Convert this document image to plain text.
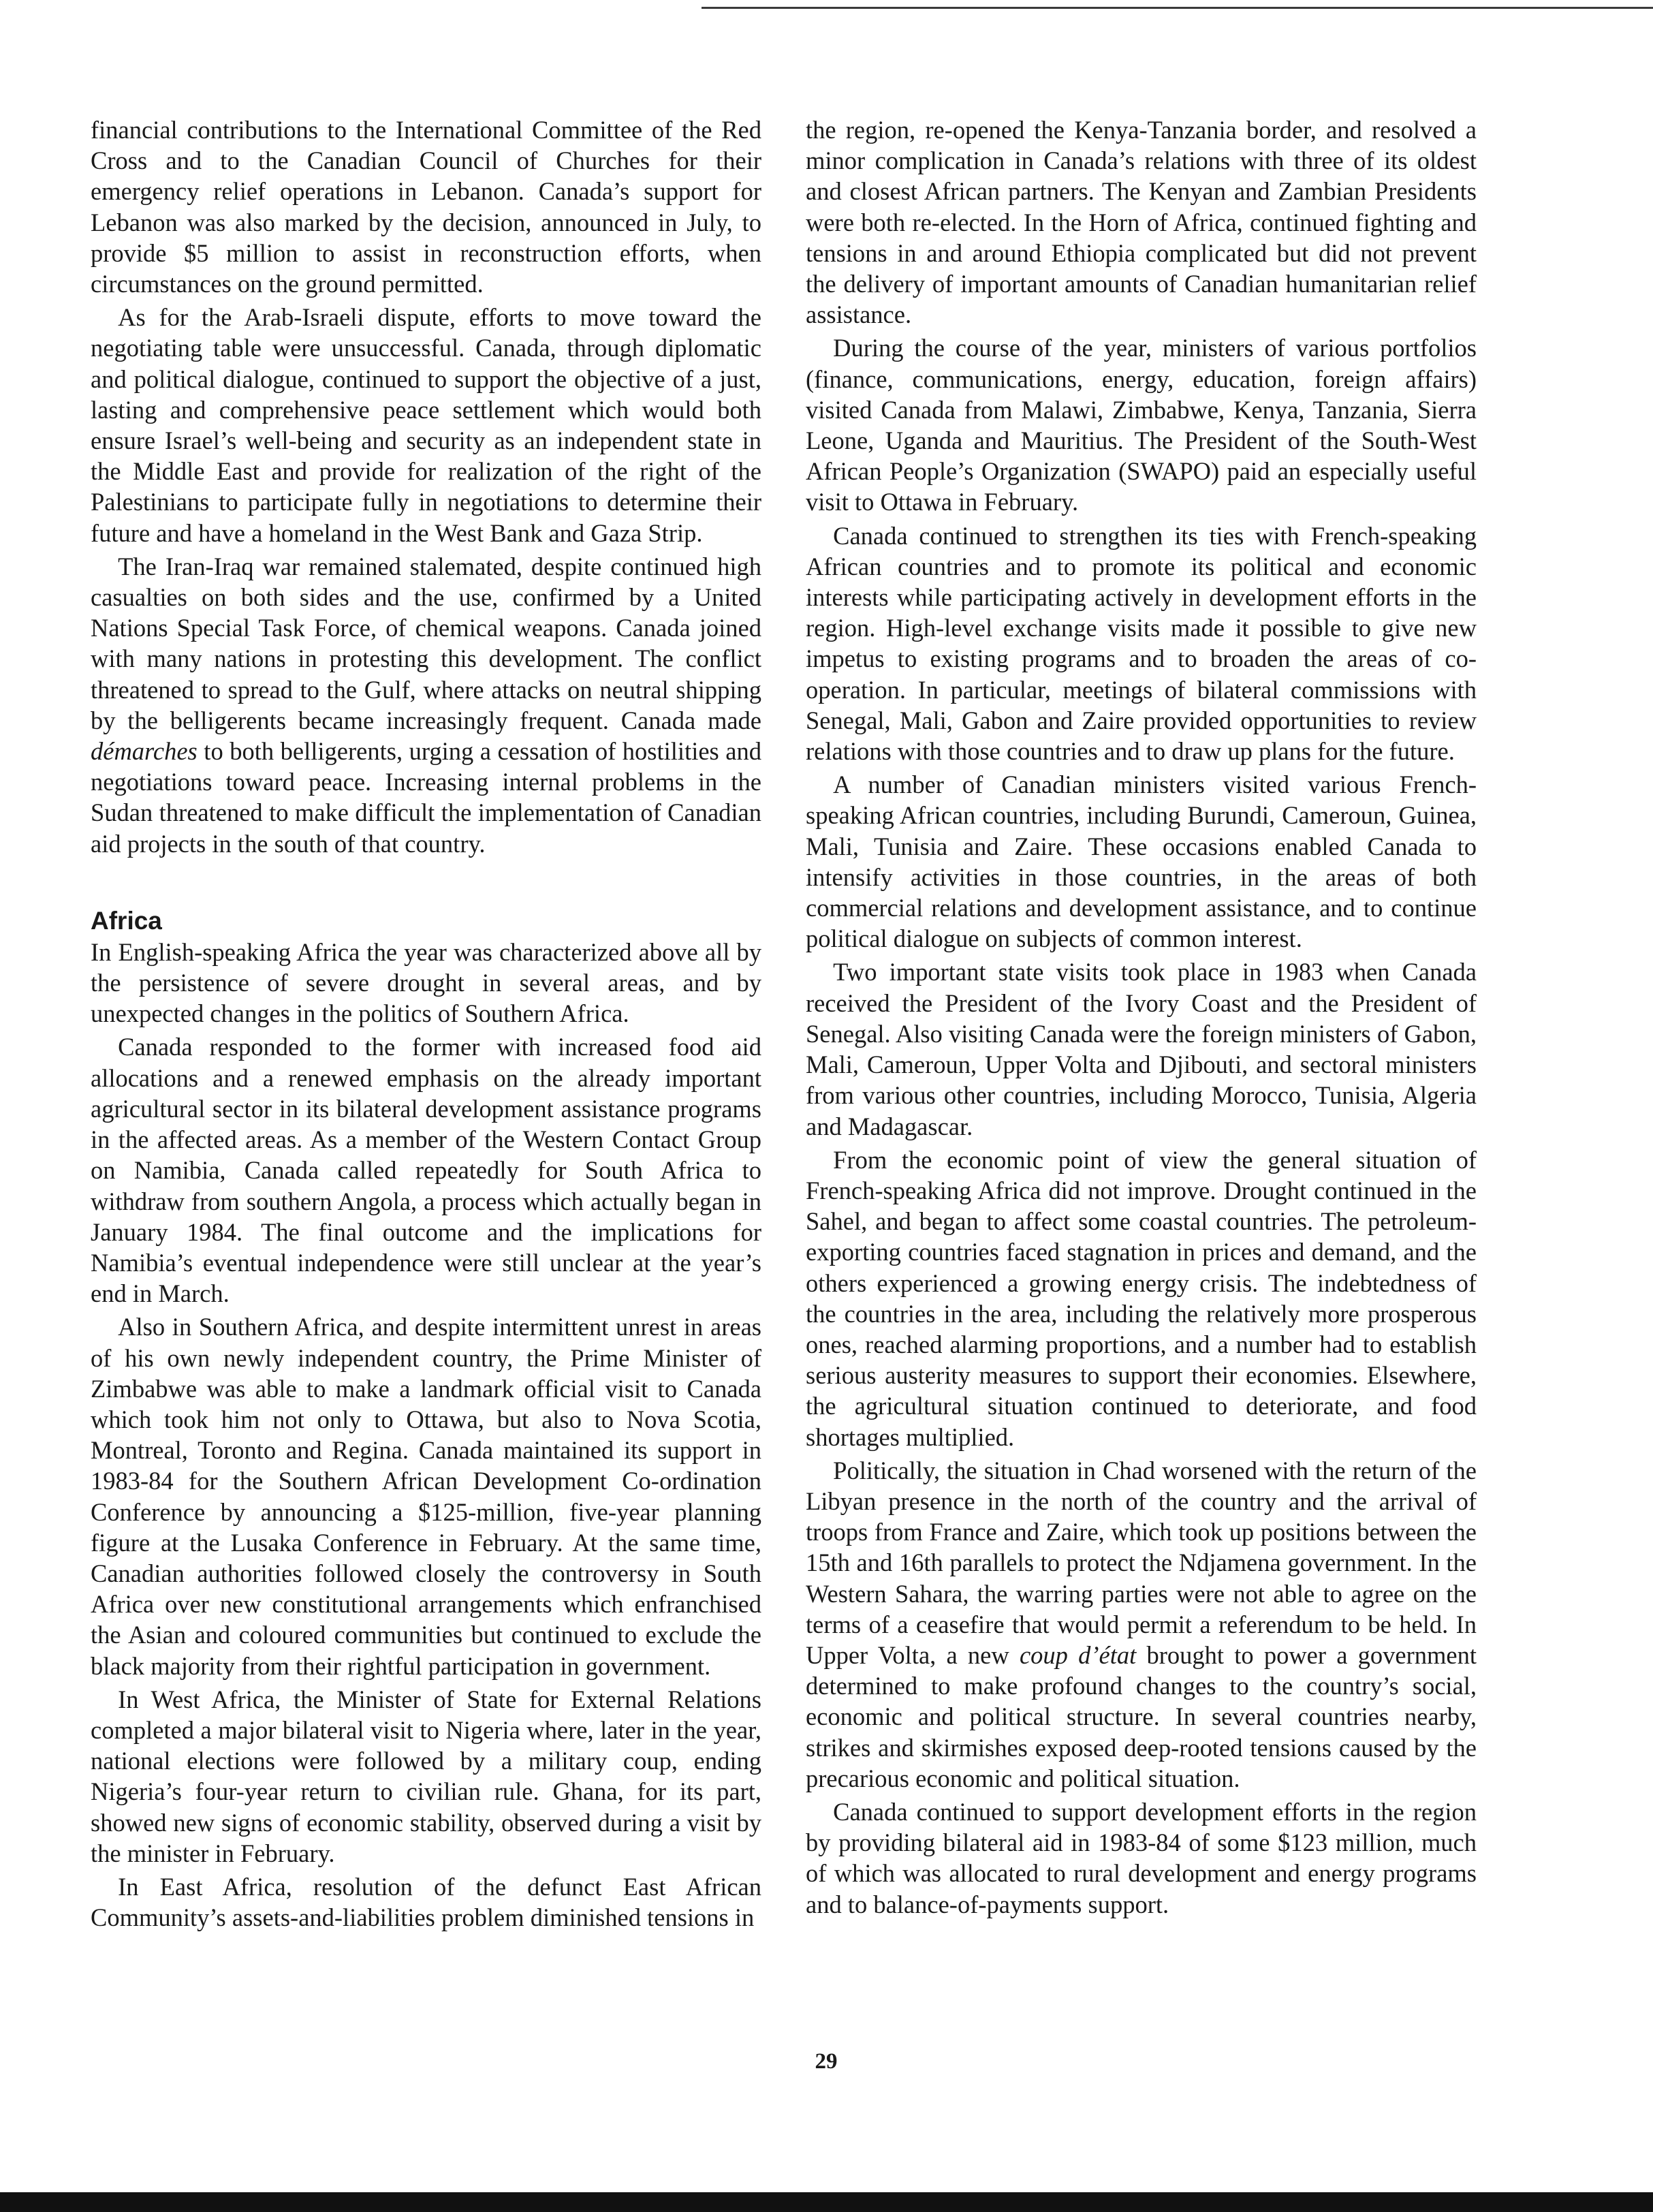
financial contributions to the International Committee of the Red Cross and to the Canadian Council of Churches for their emergency relief operations in Lebanon. Canada’s support for Lebanon was also marked by the decision, announced in July, to provide $5 million to assist in reconstruction efforts, when circumstances on the ground permitted.

As for the Arab-Israeli dispute, efforts to move toward the negotiating table were unsuccessful. Canada, through diplomatic and political dialogue, continued to support the objective of a just, lasting and comprehensive peace settlement which would both ensure Israel’s well-being and security as an independent state in the Middle East and provide for realization of the right of the Palestinians to participate fully in negotiations to determine their future and have a homeland in the West Bank and Gaza Strip.

The Iran-Iraq war remained stalemated, despite continued high casualties on both sides and the use, confirmed by a United Nations Special Task Force, of chemical weapons. Canada joined with many nations in protesting this development. The conflict threatened to spread to the Gulf, where attacks on neutral shipping by the belligerents became increasingly frequent. Canada made démarches to both belligerents, urging a cessation of hostilities and negotiations toward peace. Increasing internal problems in the Sudan threatened to make difficult the implementation of Canadian aid projects in the south of that country.

Africa

In English-speaking Africa the year was characterized above all by the persistence of severe drought in several areas, and by unexpected changes in the politics of Southern Africa.

Canada responded to the former with increased food aid allocations and a renewed emphasis on the already important agricultural sector in its bilateral development assistance programs in the affected areas. As a member of the Western Contact Group on Namibia, Canada called repeatedly for South Africa to withdraw from southern Angola, a process which actually began in January 1984. The final outcome and the implications for Namibia’s eventual independence were still unclear at the year’s end in March.

Also in Southern Africa, and despite intermittent unrest in areas of his own newly independent country, the Prime Minister of Zimbabwe was able to make a landmark official visit to Canada which took him not only to Ottawa, but also to Nova Scotia, Montreal, Toronto and Regina. Canada maintained its support in 1983-84 for the Southern African Development Co-ordination Conference by announcing a $125-million, five-year planning figure at the Lusaka Conference in February. At the same time, Canadian authorities followed closely the controversy in South Africa over new constitutional arrangements which enfranchised the Asian and coloured communities but continued to exclude the black majority from their rightful participation in government.

In West Africa, the Minister of State for External Relations completed a major bilateral visit to Nigeria where, later in the year, national elections were followed by a military coup, ending Nigeria’s four-year return to civilian rule. Ghana, for its part, showed new signs of economic stability, observed during a visit by the minister in February.

In East Africa, resolution of the defunct East African Community’s assets-and-liabilities problem diminished tensions in

the region, re-opened the Kenya-Tanzania border, and resolved a minor complication in Canada’s relations with three of its oldest and closest African partners. The Kenyan and Zambian Presidents were both re-elected. In the Horn of Africa, continued fighting and tensions in and around Ethiopia complicated but did not prevent the delivery of important amounts of Canadian humanitarian relief assistance.

During the course of the year, ministers of various portfolios (finance, communications, energy, education, foreign affairs) visited Canada from Malawi, Zimbabwe, Kenya, Tanzania, Sierra Leone, Uganda and Mauritius. The President of the South-West African People’s Organization (SWAPO) paid an especially useful visit to Ottawa in February.

Canada continued to strengthen its ties with French-speaking African countries and to promote its political and economic interests while participating actively in development efforts in the region. High-level exchange visits made it possible to give new impetus to existing programs and to broaden the areas of co-operation. In particular, meetings of bilateral commissions with Senegal, Mali, Gabon and Zaire provided opportunities to review relations with those countries and to draw up plans for the future.

A number of Canadian ministers visited various French-speaking African countries, including Burundi, Cameroun, Guinea, Mali, Tunisia and Zaire. These occasions enabled Canada to intensify activities in those countries, in the areas of both commercial relations and development assistance, and to continue political dialogue on subjects of common interest.

Two important state visits took place in 1983 when Canada received the President of the Ivory Coast and the President of Senegal. Also visiting Canada were the foreign ministers of Gabon, Mali, Cameroun, Upper Volta and Djibouti, and sectoral ministers from various other countries, including Morocco, Tunisia, Algeria and Madagascar.

From the economic point of view the general situation of French-speaking Africa did not improve. Drought continued in the Sahel, and began to affect some coastal countries. The petroleum-exporting countries faced stagnation in prices and demand, and the others experienced a growing energy crisis. The indebtedness of the countries in the area, including the relatively more prosperous ones, reached alarming proportions, and a number had to establish serious austerity measures to support their economies. Elsewhere, the agricultural situation continued to deteriorate, and food shortages multiplied.

Politically, the situation in Chad worsened with the return of the Libyan presence in the north of the country and the arrival of troops from France and Zaire, which took up positions between the 15th and 16th parallels to protect the Ndjamena government. In the Western Sahara, the warring parties were not able to agree on the terms of a ceasefire that would permit a referendum to be held. In Upper Volta, a new coup d’état brought to power a government determined to make profound changes to the country’s social, economic and political structure. In several countries nearby, strikes and skirmishes exposed deep-rooted tensions caused by the precarious economic and political situation.

Canada continued to support development efforts in the region by providing bilateral aid in 1983-84 of some $123 million, much of which was allocated to rural development and energy programs and to balance-of-payments support.

29
